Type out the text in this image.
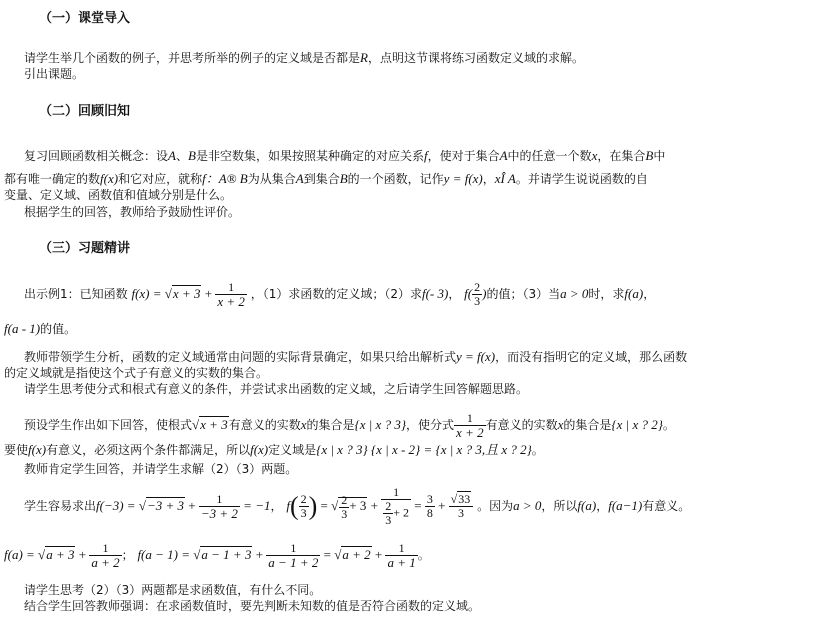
（一）课堂导入
请学生举几个函数的例子，并思考所举的例子的定义域是否都是R，点明这节课将练习函数定义域的求解。
引出课题。
（二）回顾旧知
复习回顾函数相关概念：设A、B是非空数集，如果按照某种确定的对应关系f，使对于集合A中的任意一个数x，在集合B中
都有唯一确定的数f(x)和它对应，就称f：A® B为从集合A到集合B的一个函数，记作y = f(x)，xÎ A。并请学生说说函数的自
变量、定义域、函数值和值域分别是什么。
根据学生的回答，教师给予鼓励性评价。
（三）习题精讲
出示例1：已知函数 $f(x) = √x + 3 + \frac{1}{x + 2}$ ，（1）求函数的定义域；（2）求f(- 3)， $f( \frac{2}{3}$ )的值；（3）当a > 0时，求f(a)，
f(a - 1)的值。
教师带领学生分析，函数的定义域通常由问题的实际背景确定，如果只给出解析式y = f(x)，而没有指明它的定义域，那么函数
的定义域就是指使这个式子有意义的实数的集合。
请学生思考使分式和根式有意义的条件，并尝试求出函数的定义域，之后请学生回答解题思路。
预设学生作出如下回答，使根式√x + 3有意义的实数x的集合是{x | x ? 3}，使分式 $\frac{1}{x + 2}$ 有意义的实数x的集合是{x | x ? 2}。
要使f(x)有意义，必须这两个条件都满足，所以f(x)定义域是{x | x ? 3} {x | x - 2} = {x | x ? 3,且 x ? 2}。
教师肯定学生回答，并请学生求解（2）（3）两题。
学生容易求出$f(-3) = √-3 + 3 + \frac{1}{-3 + 2} = -1$， $f( \frac{2}{3}$ ) = √ $\frac{2}{3} + 3 + \frac{1}{\frac{2}{3} + 2} = \frac{3}{8} + \frac{√33}{3}$ 。因为a > 0，所以f(a)，f(a−1)有意义。
$f(a) = √a + 3 + \frac{1}{a + 2}$ ； $f(a - 1) = √a - 1 + 3 + \frac{1}{a - 1 + 2} = √a + 2 + \frac{1}{a + 1}$ 。
请学生思考（2）（3）两题都是求函数值，有什么不同。
结合学生回答教师强调：在求函数值时，要先判断未知数的值是否符合函数的定义域。
